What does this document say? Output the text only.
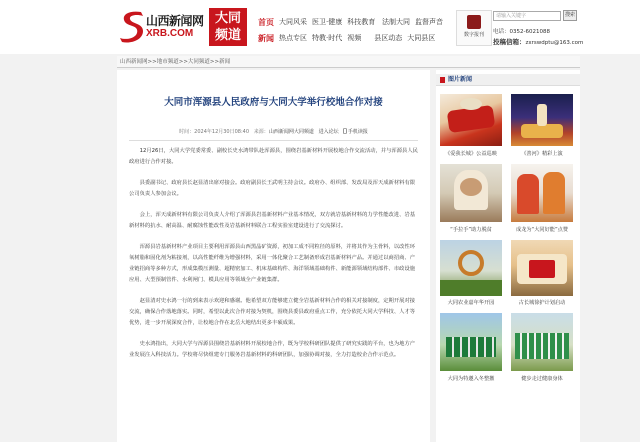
山西新闻网
XRB.COM
大同
频道
首页 大同风采 医卫·健康 科技教育 法制大同 监督声音
新闻 热点专区 特教·时代 视频 县区动态 大同县区	数字报刊
请输入关键字	搜索
电话：0352-6021088
投稿信箱：zxrswdptu@163.com
山西新闻网>>地市频道>>大同频道>>新闻
大同市浑源县人民政府与大同大学举行校地合作对接
时间：2024年12月30日08:40 来源：山西新闻网大同频道 进入论坛 手机读报

12月26日，大同大学党委常委、副校长史水鸿带队赴浑源县，围绕岩基新材料开展校地合作交流活动，并与浑源县人民政府进行合作对接。

县委副书记、政府县长赵显清出席对接会。政府副县长王武明主持会议。政府办、组织部、发改局及浑天成新材料有限公司负责人参加会议。

会上，浑天成新材料有限公司负责人介绍了浑源县岩基新材料产业基本情况，双方就岩基新材料的力学性能改进、岩基新材料的抗水、耐高温、耐腐蚀性能改性及岩基新材料联合工程实验室建设进行了交流探讨。

浑源县岩基新材料产业项目主要利用浑源县山西黑晶矿资源，初加工成不同粒径的原料，并将其作为主骨料，以改性环氧树脂和固化剂为粘接剂，以高性能纤维为增强材料，采用一体化聚合工艺制备形成岩基新材料产品。并通过以商招商、产业链招商等多种方式，形成集模压测量、超精密加工、机床基础构件、海洋领域基础构件、新能源领域结构部件、市政设施应用、大型预制管件、水利闸门、模具应用等领域全产业链集群。

赵显清对史水鸿一行的到来表示欢迎和感谢。他希望双方能够建立健全岩基新材料合作的相关对接制度，定期开展对接交流，确保合作落地落实。同时，希望以此次合作对接为契机，围绕县委县政府重点工作，充分依托大同大学科技、人才等优势，进一步开展深度合作，让校地合作在北岳大地结出更多丰硕成果。

史水鸿指出，大同大学与浑源县围绕岩基新材料开展校地合作，既为学校科研团队提供了研究实践的平台，也为地方产业发展注入科技活力。学校将尽快组建专门服务岩基新材料的科研团队，加强协调对接，全力打造校企合作示范点。

图片新闻
《爱我长城》公益巡映	《善河》精彩上演
“手拉手”助力脱贫	成龙为“大同好能”点赞
大同农业嘉年华开园	古长城徐护计划启动
大同为特邀入冬整撤	健步走过健康身体
